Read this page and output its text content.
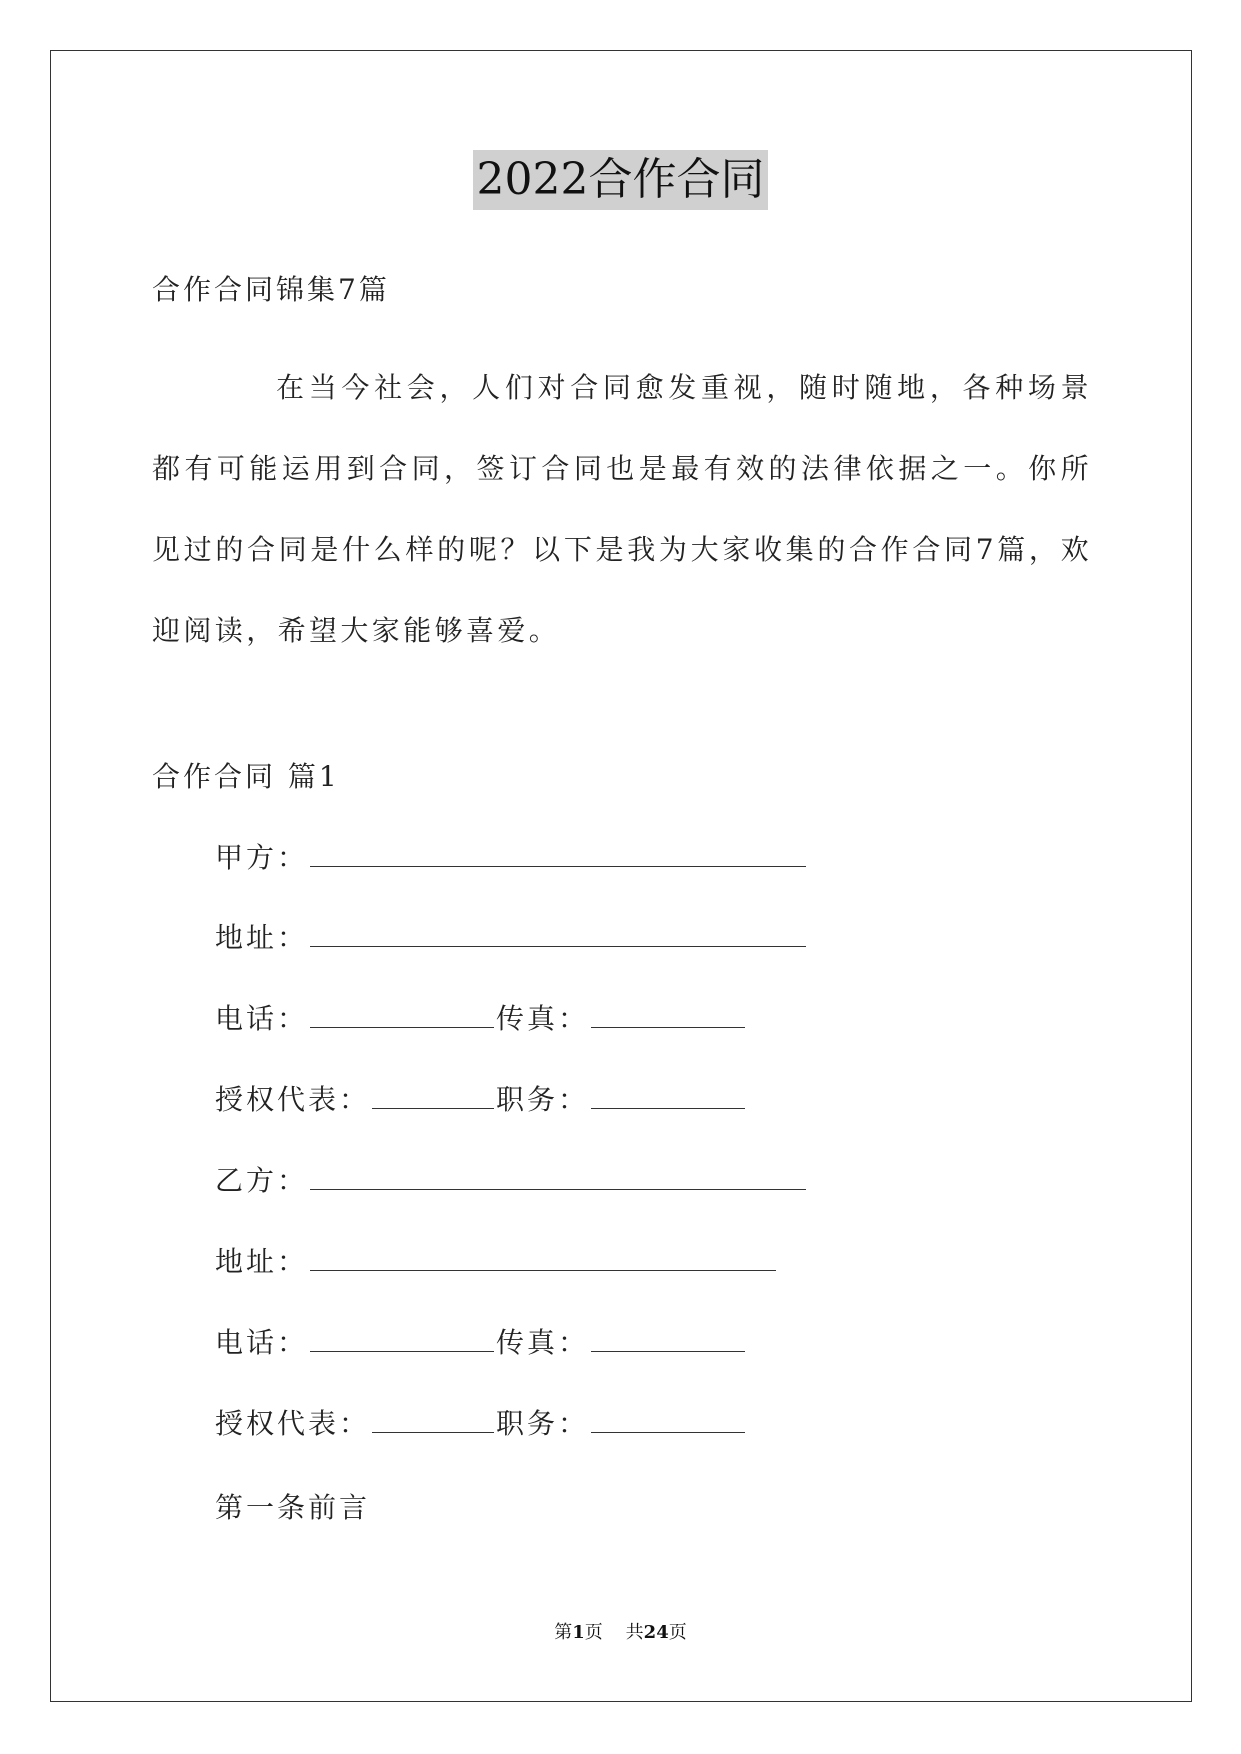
2022合作合同
合作合同锦集7篇

在当今社会，人们对合同愈发重视，随时随地，各种场景都有可能运用到合同，签订合同也是最有效的法律依据之一。你所见过的合同是什么样的呢？以下是我为大家收集的合作合同7篇，欢迎阅读，希望大家能够喜爱。

合作合同 篇1
甲方：
地址：
电话：	传真：
授权代表：	职务：
乙方：
地址：
电话：	传真：
授权代表：	职务：
第一条前言
第1页 共24页
